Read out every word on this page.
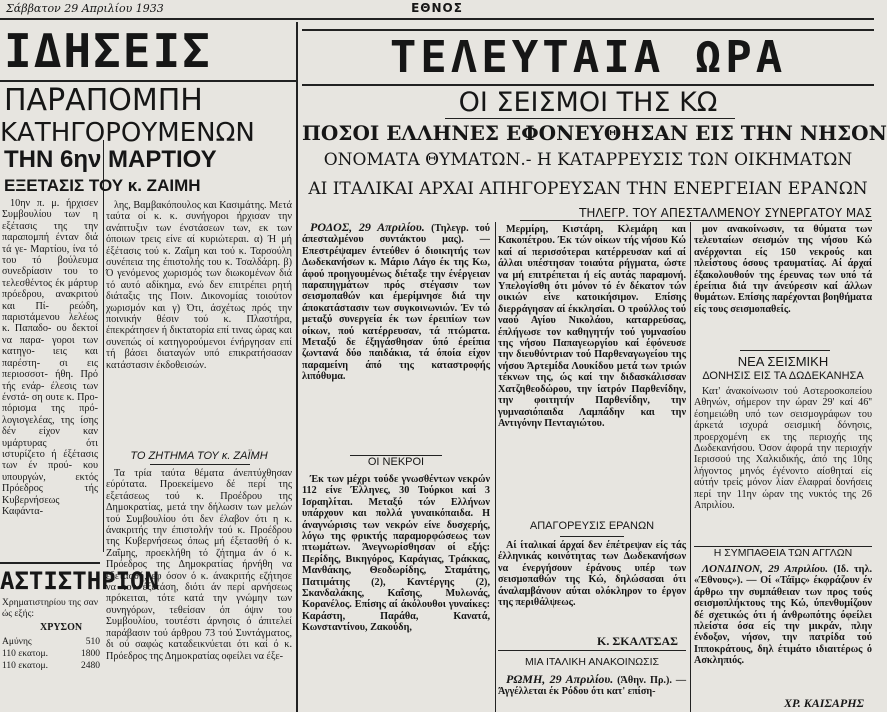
Σάββατον 29 Απριλίου 1933	ΕΘΝΟΣ
ΙΔΗΣΕΙΣ
ΠΑΡΑΠΟΜΠΗ
ΚΑΤΗΓΟΡΟΥΜΕΝΩΝ
ΤΗΝ 6ην ΜΑΡΤΙΟΥ
ΕΞΕΤΑΣΙΣ ΤΟΥ κ. ΖΑΙΜΗ

10ην π. μ. ήρχισεν Συμβουλίου των η εξέτασις της την παραπομπή ένταν διά τά γε- Μαρτίου, ίνα τό του τό βούλευμα συνεδρίασιν του το τελεσθέντος έκ μάρτυρ πρόεδρου, ανακριτού και Πί- ρεώδη, παριστάμενου λελέως κ. Παπαδο- ου δεκτοί να παρα- γοροι των κατηγο- ιεις και παρέστη- σι εις περιοσσοτ- ήθη. Πρό τής ενάρ- έλεσις των ένστά- ση ουτε κ. Προ- πόρισμα της πρό- λογισγελέας, της ίσης δέν είχον καν υμάρτυρας ότι ιστυρίζετο ή έξέτασις των έν πρού- κου υπουργών, εκτός Πρόεδρος τής Κυβερνήσεως Καφάντα-

ΑΣΤΙΣΤΗΡΙΟΝ
Χρηματιστηρίου της σαν ώς εξής:
ΧΡΥΣΟΝ
Αμύνης	510
110 εκατομ.	1800
110 εκατομ.	2480

λης, Βαμβακόπουλος και Κασιμάτης. Μετά ταύτα οί κ. κ. συνήγοροι ήρχισαν την ανάπτυξιν των ένστάσεων των, εκ των όποιων τρεις είνε αί κυριώτεραι. α) Ή μή έξέτασις τού κ. Ζαΐμη και τού κ. Ταρσούλη συνέπεια της έπιστολής του κ. Τσαλδάρη. β) Ό γενόμενος χωρισμός των διωκομένων διά τό αυτό αδίκημα, ενώ δεν επιτρέπει ρητή διάταξις της Ποιν. Δικονομίας τοιούτον χωρισμόν και γ) Ότι, άσχέτως πρός την ποινικήν θέσιν τού κ. Πλαστήρα, έπεκράτησεν ή δικτατορία επί τινας ώρας και συνεπώς οί κατηγορούμενοι ένήργησαν επί τή βάσει διαταγών υπό επικρατήσασαν κατάστασιν έκδοθεισών.

ΤΟ ΖΗΤΗΜΑ ΤΟΥ κ. ΖΑΪΜΗ

Τα τρία ταύτα θέματα άνεπτύχθησαν εύρύτατα. Προεκείμενο δέ περί της εξετάσεως τού κ. Προέδρου της Δημοκρατίας, μετά την δήλωσιν των μελών τού Συμβουλίου ότι δεν έλαβον ότι η κ. άνακριτής την έπιστολήν τού κ. Προέδρου της Κυβερνήσεως όπως μή έξετασθή ό κ. Ζαΐμης, προεκλήθη τό ζήτημα άν ό κ. Πρόεδρος της Δημοκρατίας ήρνήθη να εξετασθή, εφ όσον ό κ. άνακριτής εζήτησε να τον έξετάση, διότι άν περί αρνήσεως πρόκειται, τότε κατά την γνώμην των συνηγόρων, τεθείσαν όπ όψιν του Συμβουλίου, τουτέστι άρνησις ό άπιτελεί παράβασιν τού άρθρου 73 τού Συντάγματος, δι ού σαφώς καταδεικνύεται ότι καί ό κ. Πρόεδρος της Δημοκρατίας οφείλει να έξε-

ΤΕΛΕΥΤΑΙΑ ΩΡΑ
ΟΙ ΣΕΙΣΜΟΙ ΤΗΣ ΚΩ
ΠΟΣΟΙ ΕΛΛΗΝΕΣ ΕΦΟΝΕΥΘΗΣΑΝ ΕΙΣ ΤΗΝ ΝΗΣΟΝ
ΟΝΟΜΑΤΑ ΘΥΜΑΤΩΝ.- Η ΚΑΤΑΡΡΕΥΣΙΣ ΤΩΝ ΟΙΚΗΜΑΤΩΝ
ΑΙ ΙΤΑΛΙΚΑΙ ΑΡΧΑΙ ΑΠΗΓΟΡΕΥΣΑΝ ΤΗΝ ΕΝΕΡΓΕΙΑΝ ΕΡΑΝΩΝ
ΤΗΛΕΓΡ. ΤΟΥ ΑΠΕΣΤΑΛΜΕΝΟΥ ΣΥΝΕΡΓΑΤΟΥ ΜΑΣ

ΡΟΔΟΣ, 29 Απριλίου. (Τηλεγρ. τού άπεσταλμένου συντάκτου μας). — Επεστρέψαμεν έντεύθεν ό διοικητής των Δωδεκανήσων κ. Μάριο Λάγο έκ της Κω, άφού προηγουμένως διέταξε την ένέργειαν παραπηγμάτων πρός στέγασιν των σεισμοπαθών και έμερίμνησε διά την άποκατάστασιν των συγκοινωνιών. Έν τώ μεταξύ συνεργεία έκ των έρειπίων των οίκων, πού κατέρρευσαν, τά πτώματα. Μεταξύ δε έξηγάσθησαν ύπό έρείπια ζωντανά δύο παιδάκια, τά όποία είχον παραμείνη άπό της καταστροφής λιπόθυμα.

ΟΙ ΝΕΚΡΟΙ

Έκ των μέχρι τούδε γνωσθέντων νεκρών 112 είνε Έλληνες, 30 Τούρκοι καί 3 Ισραηλίται. Μεταξύ τών Ελλήνων υπάρχουν και πολλά γυναικόπαιδα. Η άναγνώρισις των νεκρών είνε δυσχερής, λόγω της φρικτής παραμορφώσεως των πτωμάτων. Άνεγνωρίσθησαν οί εξής: Περίδης, Βικηγόρος, Καράγιας, Τράκκας, Μανθάκης, Θεοδωρίδης, Σταμάτης, Πατιμάτης (2), Καντέργης (2), Σκανδαλάκης, Καΐσης, Μυλωνάς, Κορανέλος. Επίσης αί άκόλουθοι γυναίκες: Καράστη, Παράθα, Κανατά, Κωνσταντίνου, Ζακούδη,

Μερμίρη, Κιστάρη, Κλεμάρη και Κακοπέτρου. Έκ τών οίκων τής νήσου Κώ καί αί περισσότεραι κατέρρευσαν καί αί άλλαι υπέστησαν τοιαύτα ρήγματα, ώστε να μή επιτρέπεται ή είς αυτάς παραμονή. Υπελογίσθη ότι μόνον τό έν δέκατον τών οικιών είνε κατοικήσιμον. Επίσης διερράγησαν αί έκκλησίαι. Ο τρούλλος τού ναού Αγίου Νικολάου, καταρρεύσας, έπλήγωσε τον καθηγητήν τού γυμνασίου της νήσου Παπαγεωργίου καί έφόνευσε την διευθύντριαν τού Παρθεναγωγείου της νήσου Άρτεμίδα Λουκίδου μετά των τριών τέκνων της, ώς καί την διδασκάλισσαν Χατζηθεοδώρου, την ίατρόν Παρθενίδην, την φοιτητήν Παρθενίδην, την γυμνασιόπαιδα Λαμπάδην και την Αντιγόνην Πενταγιώτου.

ΑΠΑΓΟΡΕΥΣΙΣ ΕΡΑΝΩΝ

Αί ίταλικαί άρχαί δεν έπέτρεψαν είς τάς έλληνικάς κοινότητας των Δωδεκανήσων να ένεργήσουν έράνους υπέρ των σεισμοπαθών της Κώ, δηλώσασαι ότι άναλαμβάνουν αύται ολόκληρον το έργον της περιθάλψεως.

Κ. ΣΚΑΛΤΣΑΣ
ΜΙΑ ΙΤΑΛΙΚΗ ΑΝΑΚΟΙΝΩΣΙΣ

ΡΩΜΗ, 29 Απριλίου. (Άθην. Πρ.). — Άγγέλλεται έκ Ρόδου ότι κατ' επίση-

μον ανακοίνωσιν, τα θύματα των τελευταίων σεισμών της νήσου Κώ ανέρχονται είς 150 νεκρούς και πλείστους όσους τραυματίας. Αί άρχαί έξακολουθούν της έρευνας των υπό τά έρείπια διά την άνεύρεσιν καί άλλων θυμάτων. Επίσης παρέχονται βοηθήματα είς τους σεισμοπαθείς.

ΝΕΑ ΣΕΙΣΜΙΚΗ
ΔΟΝΗΣΙΣ ΕΙΣ ΤΑ ΔΩΔΕΚΑΝΗΣΑ

Κατ' άνακοίνωσιν τού Αστεροσκοπείου Αθηνών, σήμερον την ώραν 29' καί 46'' έσημειώθη υπό των σεισμογράφων του άρκετά ισχυρά σεισμική δόνησις, προερχομένη εκ της περιοχής της Δωδεκανήσου. Όσον άφορά την περιοχήν Ιερισσού της Χαλκιδικής, άπό της 10ης λήγοντος μηνός έγένοντο αίσθηταί είς αύτήν τρείς μόνον λίαν έλαφραί δονήσεις περί την 11ην ώραν της νυκτός της 26 Απριλίου.

Η ΣΥΜΠΑΘΕΙΑ ΤΩΝ ΑΓΓΛΩΝ

ΛΟΝΔΙΝΟΝ, 29 Απριλίου. (Ιδ. τηλ. «Έθνους»). — Οί «Τάϊμς» έκφράζουν έν άρθρω την συμπάθειαν των προς τούς σεισμοπλήκτους της Κώ, ύπενθυμίζουν δέ σχετικώς ότι ή άνθρωπότης όφείλει πλείστα όσα είς την μικράν, πλην ένδοξον, νήσον, την πατρίδα τού Ιπποκράτους, δηλ έτιμάτο ιδιαιτέρως ό Ασκληπιός.

ΧΡ. ΚΑΙΣΑΡΗΣ
